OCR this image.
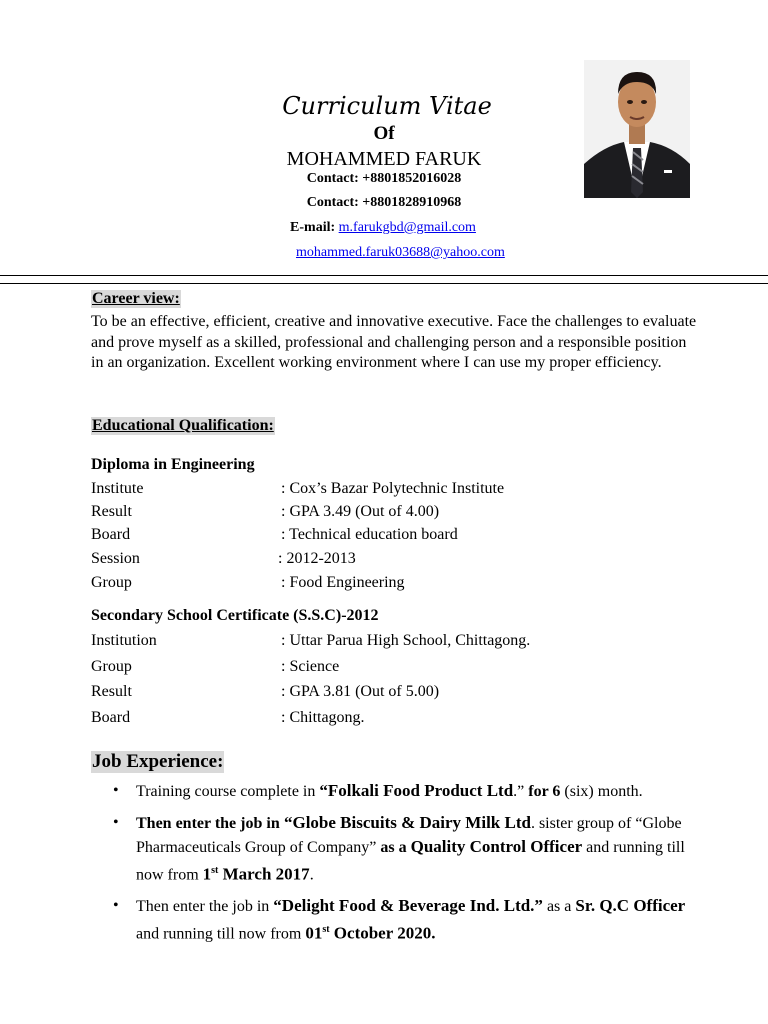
Curriculum Vitae
Of
MOHAMMED FARUK
Contact: +8801852016028
Contact: +8801828910968
E-mail: m.farukgbd@gmail.com
mohammed.faruk03688@yahoo.com
Career view:
To be an effective, efficient, creative and innovative executive. Face the challenges to evaluate and prove myself as a skilled, professional and challenging person and a responsible position in an organization. Excellent working environment where I can use my proper efficiency.
Educational Qualification:
Diploma in Engineering
Institute	: Cox’s Bazar Polytechnic Institute
Result	: GPA 3.49 (Out of 4.00)
Board	: Technical education board
Session	: 2012-2013
Group	: Food Engineering
Secondary School Certificate (S.S.C)-2012
Institution	: Uttar Parua High School, Chittagong.
Group	: Science
Result	: GPA 3.81 (Out of 5.00)
Board	: Chittagong.
Job Experience:
• Training course complete in “Folkali Food Product Ltd.” for 6 (six) month.
• Then enter the job in “Globe Biscuits & Dairy Milk Ltd. sister group of “Globe Pharmaceuticals Group of Company” as a Quality Control Officer and running till now from 1st March 2017.
• Then enter the job in “Delight Food & Beverage Ind. Ltd.” as a Sr. Q.C Officer and running till now from 01st October 2020.
